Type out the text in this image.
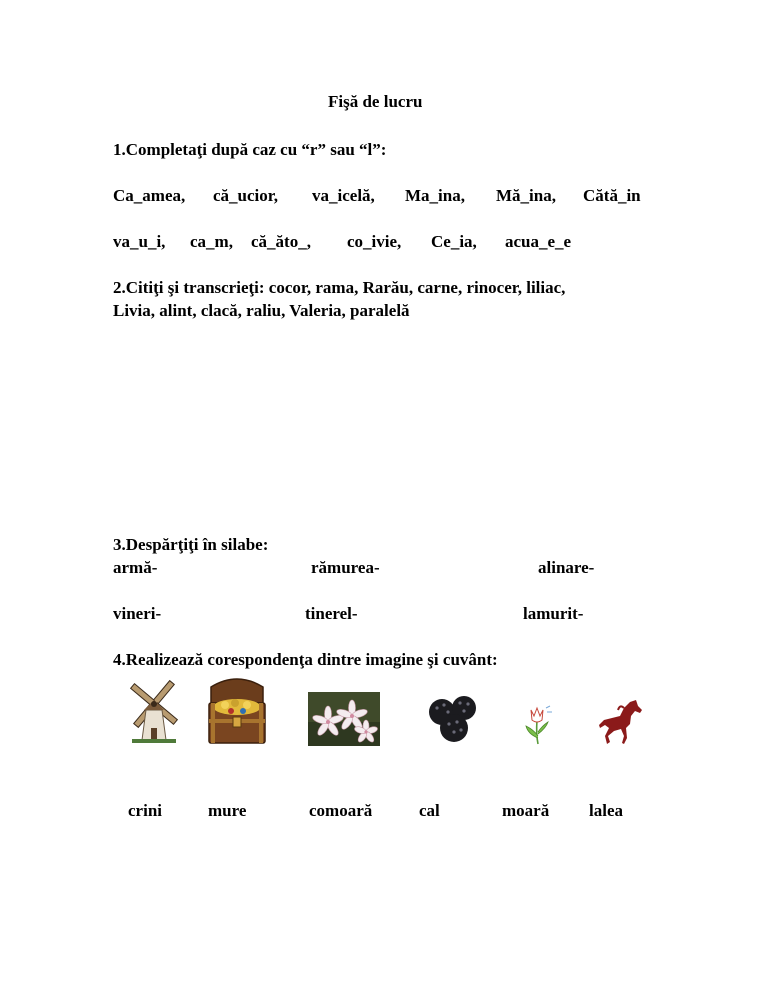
Fişă de lucru
1.Completaţi după caz cu “r” sau “l”:
Ca_amea, că_ucior, va_icelă, Ma_ina, Mă_ina, Cătă_in
va_u_i, ca_m, că_ăto_, co_ivie, Ce_ia, acua_e_e
2.Citiţi şi transcrieţi: cocor, rama, Rarău, carne, rinocer, liliac,
Livia, alint, clacă, raliu, Valeria, paralelă
3.Despărţiţi în silabe:
armă-	rămurea-	alinare-
vineri-	tinerel-	lamurit-
4.Realizează corespondenţa dintre imagine şi cuvânt:
crini	mure	comoară	cal	moară lalea
